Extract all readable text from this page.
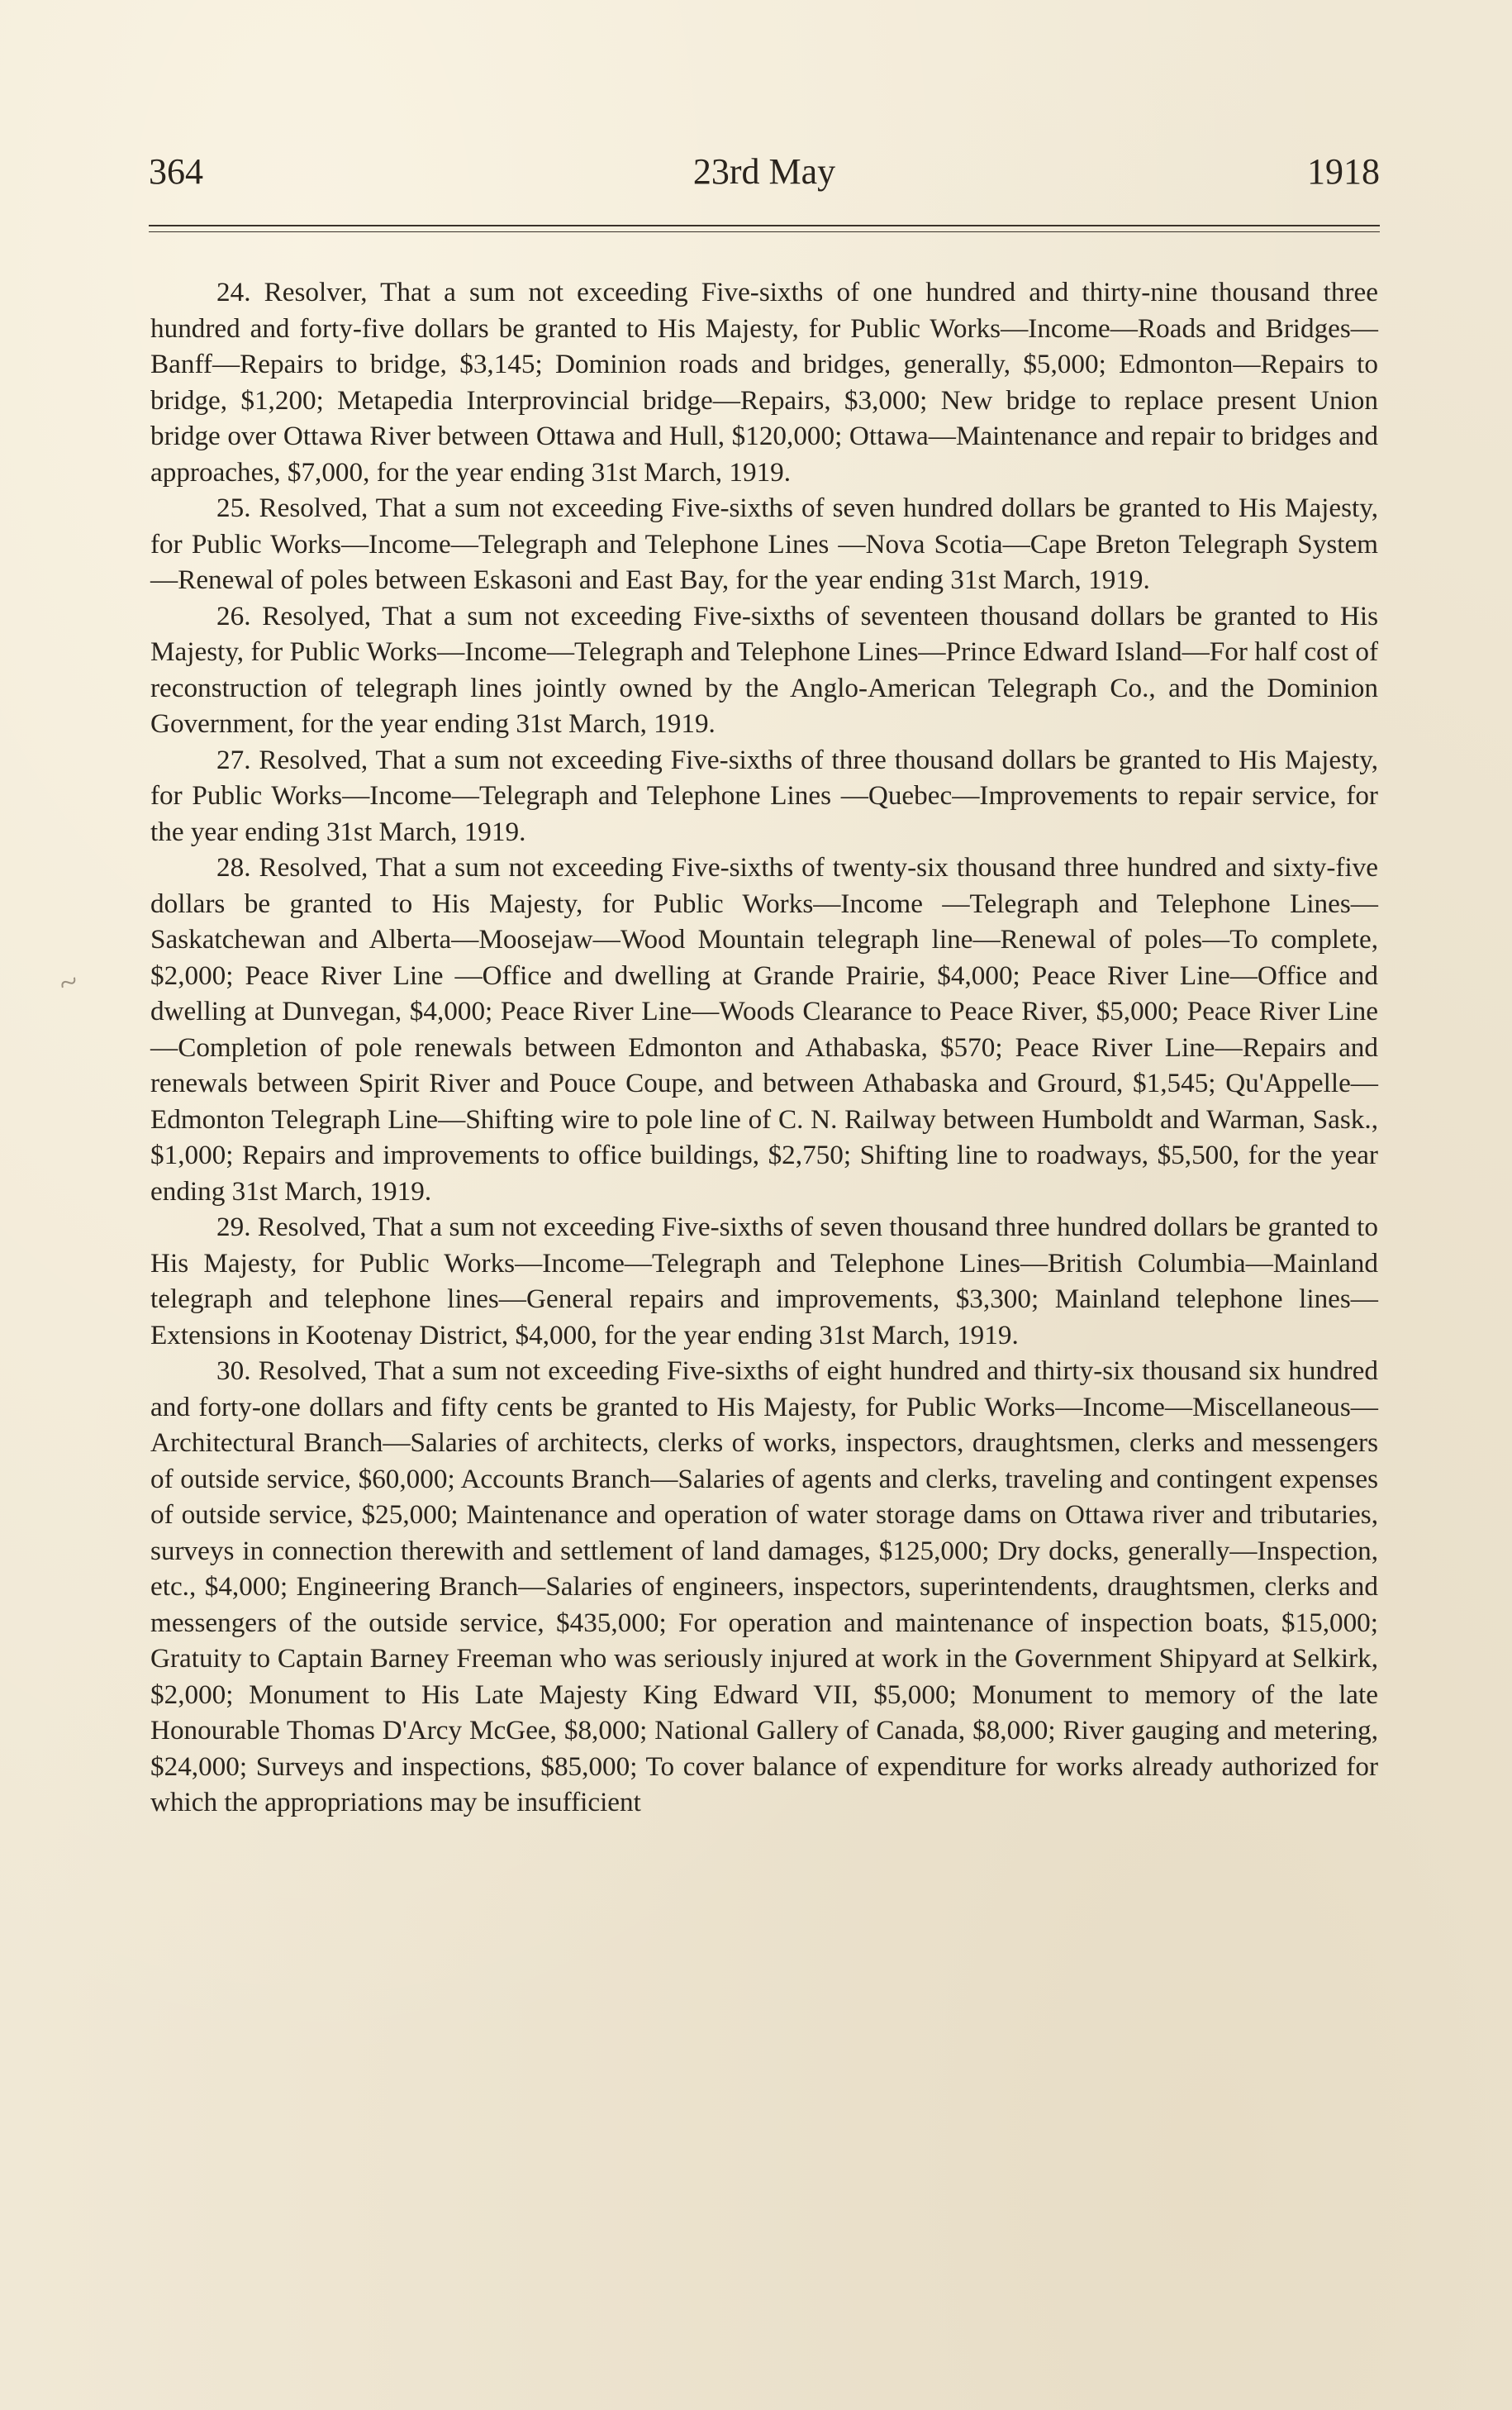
364	23rd May	1918
~

24. Resolver, That a sum not exceeding Five-sixths of one hundred and thirty-nine thousand three hundred and forty-five dollars be granted to His Majesty, for Public Works—Income—Roads and Bridges—Banff—Repairs to bridge, $3,145; Dominion roads and bridges, generally, $5,000; Edmonton—Repairs to bridge, $1,200; Metapedia Interprovincial bridge—Repairs, $3,000; New bridge to replace present Union bridge over Ottawa River between Ottawa and Hull, $120,000; Ottawa—Maintenance and repair to bridges and approaches, $7,000, for the year ending 31st March, 1919.

25. Resolved, That a sum not exceeding Five-sixths of seven hundred dollars be granted to His Majesty, for Public Works—Income—Telegraph and Telephone Lines —Nova Scotia—Cape Breton Telegraph System—Renewal of poles between Eskasoni and East Bay, for the year ending 31st March, 1919.

26. Resolyed, That a sum not exceeding Five-sixths of seventeen thousand dollars be granted to His Majesty, for Public Works—Income—Telegraph and Telephone Lines—Prince Edward Island—For half cost of reconstruction of telegraph lines jointly owned by the Anglo-American Telegraph Co., and the Dominion Government, for the year ending 31st March, 1919.

27. Resolved, That a sum not exceeding Five-sixths of three thousand dollars be granted to His Majesty, for Public Works—Income—Telegraph and Telephone Lines —Quebec—Improvements to repair service, for the year ending 31st March, 1919.

28. Resolved, That a sum not exceeding Five-sixths of twenty-six thousand three hundred and sixty-five dollars be granted to His Majesty, for Public Works—Income —Telegraph and Telephone Lines—Saskatchewan and Alberta—Moosejaw—Wood Mountain telegraph line—Renewal of poles—To complete, $2,000; Peace River Line —Office and dwelling at Grande Prairie, $4,000; Peace River Line—Office and dwelling at Dunvegan, $4,000; Peace River Line—Woods Clearance to Peace River, $5,000; Peace River Line—Completion of pole renewals between Edmonton and Athabaska, $570; Peace River Line—Repairs and renewals between Spirit River and Pouce Coupe, and between Athabaska and Grourd, $1,545; Qu'Appelle—Edmonton Telegraph Line—Shifting wire to pole line of C. N. Railway between Humboldt and Warman, Sask., $1,000; Repairs and improvements to office buildings, $2,750; Shifting line to roadways, $5,500, for the year ending 31st March, 1919.

29. Resolved, That a sum not exceeding Five-sixths of seven thousand three hundred dollars be granted to His Majesty, for Public Works—Income—Telegraph and Telephone Lines—British Columbia—Mainland telegraph and telephone lines—General repairs and improvements, $3,300; Mainland telephone lines—Extensions in Kootenay District, $4,000, for the year ending 31st March, 1919.

30. Resolved, That a sum not exceeding Five-sixths of eight hundred and thirty-six thousand six hundred and forty-one dollars and fifty cents be granted to His Majesty, for Public Works—Income—Miscellaneous—Architectural Branch—Salaries of architects, clerks of works, inspectors, draughtsmen, clerks and messengers of outside service, $60,000; Accounts Branch—Salaries of agents and clerks, traveling and contingent expenses of outside service, $25,000; Maintenance and operation of water storage dams on Ottawa river and tributaries, surveys in connection therewith and settlement of land damages, $125,000; Dry docks, generally—Inspection, etc., $4,000; Engineering Branch—Salaries of engineers, inspectors, superintendents, draughtsmen, clerks and messengers of the outside service, $435,000; For operation and maintenance of inspection boats, $15,000; Gratuity to Captain Barney Freeman who was seriously injured at work in the Government Shipyard at Selkirk, $2,000; Monument to His Late Majesty King Edward VII, $5,000; Monument to memory of the late Honourable Thomas D'Arcy McGee, $8,000; National Gallery of Canada, $8,000; River gauging and metering, $24,000; Surveys and inspections, $85,000; To cover balance of expenditure for works already authorized for which the appropriations may be insufficient
